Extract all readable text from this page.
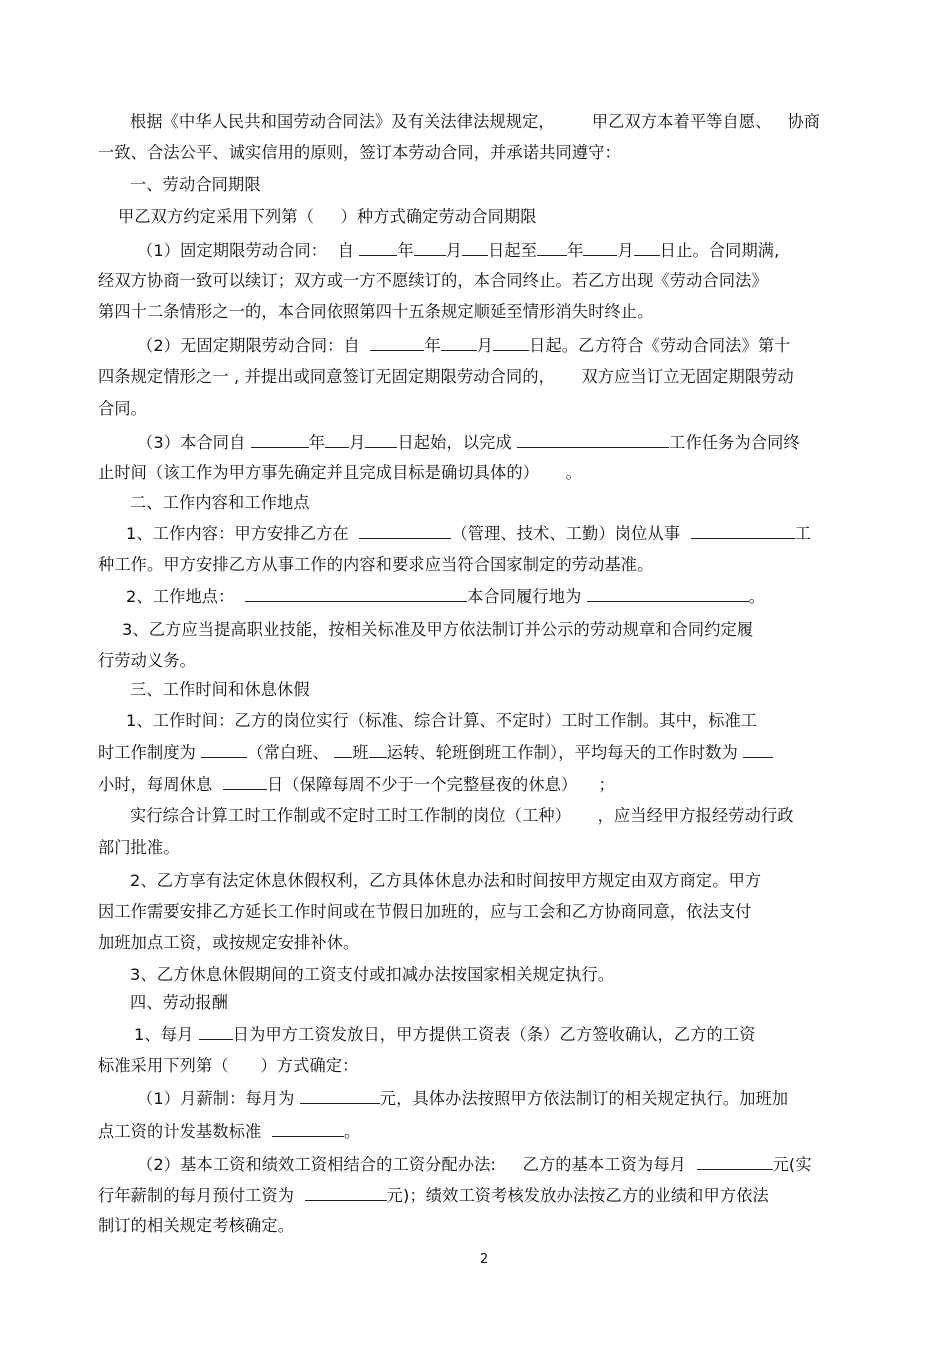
根据《中华人民共和国劳动合同法》及有关法律法规规定，       甲乙双方本着平等自愿、   协商
一致、合法公平、诚实信用的原则，签订本劳动合同，并承诺共同遵守：
一、劳动合同期限
甲乙双方约定采用下列第（     ）种方式确定劳动合同期限
（1）固定期限劳动合同：  自 年 月 日起至 年 月 日止。合同期满,
经双方协商一致可以续订；双方或一方不愿续订的，本合同终止。若乙方出现《劳动合同法》
第四十二条情形之一的，本合同依照第四十五条规定顺延至情形消失时终止。
（2）无固定期限劳动合同：自	年 月 日起。乙方符合《劳动合同法》第十
四条规定情形之一 , 并提出或同意签订无固定期限劳动合同的，     双方应当订立无固定期限劳动
合同。
（3）本合同自	年 月 日起始，以完成	工作任务为合同终
止时间（该工作为甲方事先确定并且完成目标是确切具体的）     。
二、工作内容和工作地点
1、工作内容：甲方安排乙方在	（管理、技术、工勤）岗位从事	工
种工作。甲方安排乙方从事工作的内容和要求应当符合国家制定的劳动基准。
2、工作地点：	本合同履行地为	。
3、乙方应当提高职业技能，按相关标准及甲方依法制订并公示的劳动规章和合同约定履
行劳动义务。
三、工作时间和休息休假
1、工作时间：乙方的岗位实行（标准、综合计算、不定时）工时工作制。其中，标准工
时工作制度为	（常白班、 班 运转、轮班倒班工作制），平均每天的工作时数为
小时，每周休息	日（保障每周不少于一个完整昼夜的休息）    ；
实行综合计算工时工作制或不定时工时工作制的岗位（工种）     ，应当经甲方报经劳动行政
部门批准。
2、乙方享有法定休息休假权利，乙方具体休息办法和时间按甲方规定由双方商定。甲方
因工作需要安排乙方延长工作时间或在节假日加班的，应与工会和乙方协商同意，依法支付
加班加点工资，或按规定安排补休。
3、乙方休息休假期间的工资支付或扣减办法按国家相关规定执行。
四、劳动报酬
1、每月 日为甲方工资发放日，甲方提供工资表（条）乙方签收确认，乙方的工资
标准采用下列第（      ）方式确定：
（1）月薪制：每月为	元，具体办法按照甲方依法制订的相关规定执行。加班加
点工资的计发基数标准	。
（2）基本工资和绩效工资相结合的工资分配办法:     乙方的基本工资为每月	元(实
行年薪制的每月预付工资为	元)；绩效工资考核发放办法按乙方的业绩和甲方依法
制订的相关规定考核确定。
2
